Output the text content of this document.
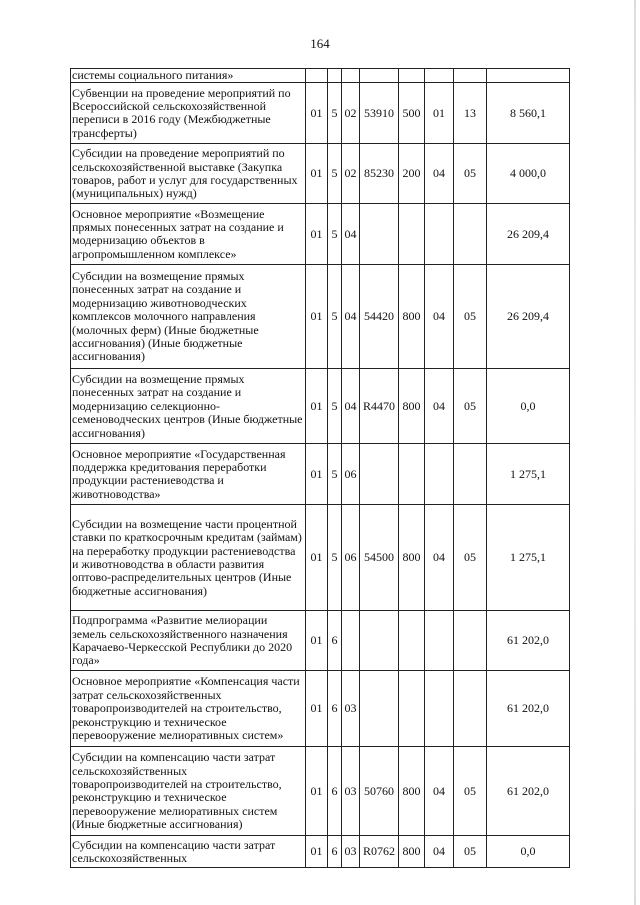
164
системы социального питания»								
Субвенции на проведение мероприятий по Всероссийской сельскохозяйственной переписи в 2016 году (Межбюджетные трансферты)	01	5	02	53910	500	01	13	8 560,1
Субсидии на проведение мероприятий по сельскохозяйственной выставке (Закупка товаров, работ и услуг для государственных (муниципальных) нужд)	01	5	02	85230	200	04	05	4 000,0
Основное мероприятие «Возмещение прямых понесенных затрат на создание и модернизацию объектов в агропромышленном комплексе»	01	5	04					26 209,4
Субсидии на возмещение прямых понесенных затрат на создание и модернизацию животноводческих комплексов молочного направления (молочных ферм) (Иные бюджетные ассигнования) (Иные бюджетные ассигнования)	01	5	04	54420	800	04	05	26 209,4
Субсидии на возмещение прямых понесенных затрат на создание и модернизацию селекционно-семеноводческих центров (Иные бюджетные ассигнования)	01	5	04	R4470	800	04	05	0,0
Основное мероприятие «Государственная поддержка кредитования переработки продукции растениеводства и животноводства»	01	5	06					1 275,1
Субсидии на возмещение части процентной ставки по краткосрочным кредитам (займам) на переработку продукции растениеводства и животноводства в области развития оптово-распределительных центров (Иные бюджетные ассигнования)	01	5	06	54500	800	04	05	1 275,1
Подпрограмма «Развитие мелиорации земель сельскохозяйственного назначения Карачаево-Черкесской Республики до 2020 года»	01	6						61 202,0
Основное мероприятие «Компенсация части затрат сельскохозяйственных товаропроизводителей на строительство, реконструкцию и техническое перевооружение мелиоративных систем»	01	6	03					61 202,0
Субсидии на компенсацию части затрат сельскохозяйственных товаропроизводителей на строительство, реконструкцию и техническое перевооружение мелиоративных систем (Иные бюджетные ассигнования)	01	6	03	50760	800	04	05	61 202,0
Субсидии на компенсацию части затрат сельскохозяйственных	01	6	03	R0762	800	04	05	0,0
